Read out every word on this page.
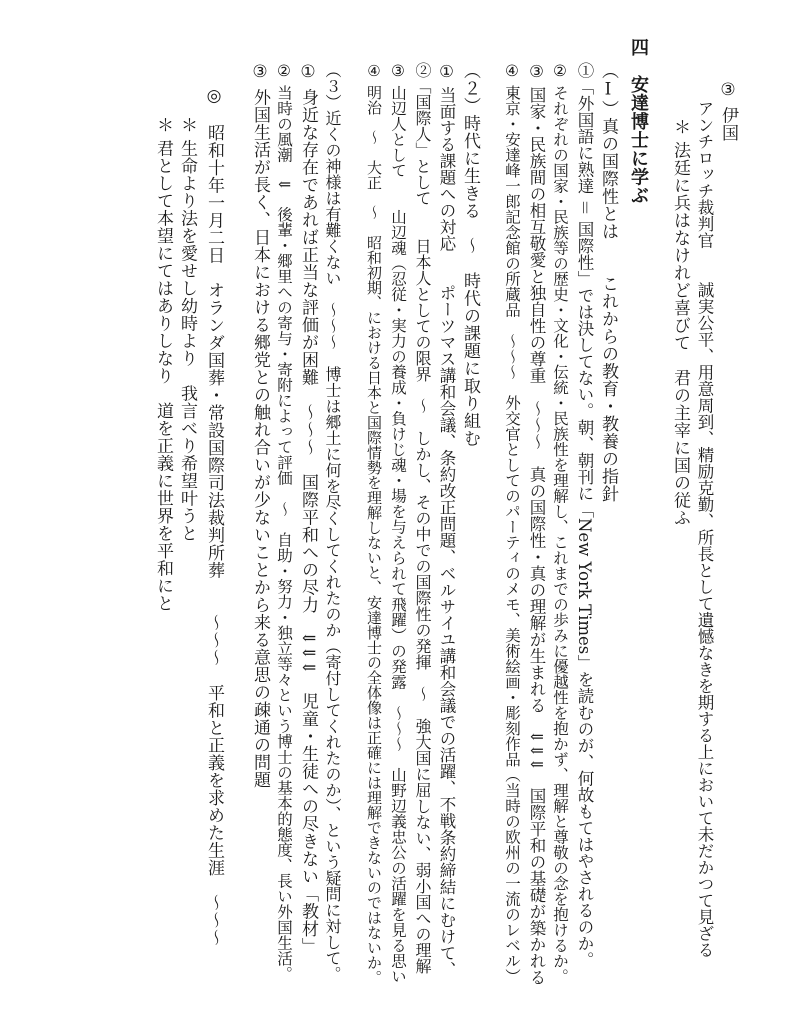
③ 伊国
アンチロッチ裁判官　　誠実公平、用意周到、精励克勤、所長として遺憾なきを期する上において未だかつて見ざる
＊ 法廷に兵はなけれど喜びて　君の主宰に国の従ふ
四　安達博士に学ぶ
（Ⅰ）真の国際性とは　　これからの教育・教養の指針
①「外国語に熟達 ＝ 国際性」では決してない。朝、朝刊に「New York Times」を読むのが、何故もてはやされるのか。
② それぞれの国家・民族等の歴史・文化・伝統・民族性を理解し、これまでの歩みに優越性を抱かず、理解と尊敬の念を抱けるか。
③ 国家・民族間の相互敬愛と独自性の尊重　〜〜〜　真の国際性・真の理解が生まれる　⇓⇓⇓　国際平和の基礎が築かれる
④ 東京・安達峰一郎記念館の所蔵品　〜〜〜　外交官としてのパーティのメモ、美術絵画・彫刻作品（当時の欧州の一流のレベル）
（２）時代に生きる　〜　時代の課題に取り組む
① 当面する課題への対応　　ポーツマス講和会議、条約改正問題、ベルサイユ講和会議での活躍、不戦条約締結にむけて、
②「国際人」として　　日本人としての限界　〜　しかし、その中での国際性の発揮　〜　強大国に屈しない、弱小国への理解
③ 山辺人として　　山辺魂（忍従・実力の養成・負けじ魂・場を与えられて飛躍）の発露　〜〜〜　山野辺義忠公の活躍を見る思い
④ 明治　〜　大正　〜　昭和初期、における日本と国際情勢を理解しないと、安達博士の全体像は正確には理解できないのではないか。
（３）近くの神様は有難くない　〜〜〜　博士は郷土に何を尽くしてくれたのか（寄付してくれたのか）、という疑問に対して。
① 身近な存在であれば正当な評価が困難　〜〜〜　国際平和への尽力　⇓⇓⇓　児童・生徒への尽きない「教材」
② 当時の風潮　⇓　後輩・郷里への寄与・寄附によって評価　〜　自助・努力・独立等々という博士の基本的態度、長い外国生活。
③ 外国生活が長く、日本における郷党との触れ合いが少ないことから来る意思の疎通の問題
◎　昭和十年一月二日　オランダ国葬・常設国際司法裁判所葬　　〜〜〜　平和と正義を求めた生涯　〜〜〜
＊ 生命より法を愛せし幼時より　我言べり希望叶うと
＊ 君として本望にてはありしなり　道を正義に世界を平和にと
